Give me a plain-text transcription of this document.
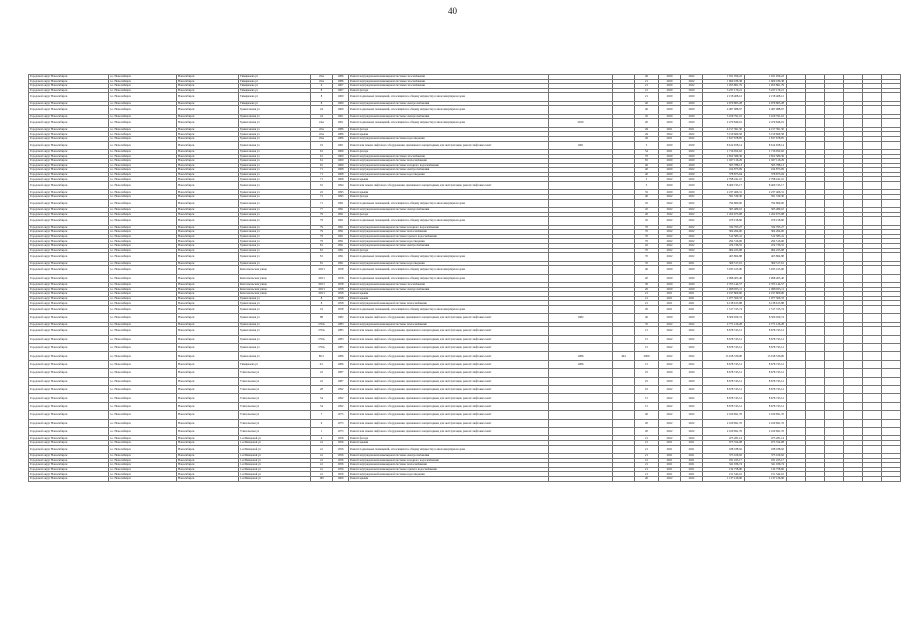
40
Городской округ Новосибирск	г.о. Новосибирск	Новосибирск	Тимирязева ул	45А	1986	Ремонт внутридомовой инженерной системы газоснабжения			40	2020	2022	1 811 056,22	1 811 056,22						
Городской округ Новосибирск	г.о. Новосибирск	Новосибирск	Тимирязева ул	45А	1986	Ремонт внутридомовой инженерной системы газоснабжения			21	2020	2022	1 660 186,38	1 660 186,38						
Городской округ Новосибирск	г.о. Новосибирск	Новосибирск	Тимирязева ул	6	1967	Ремонт внутридомовой инженерной системы газоснабжения			21	2020	2022	1 055 861,79	1 055 861,79						
Городской округ Новосибирск	г.о. Новосибирск	Новосибирск	Тимирязева ул	8	1967	Ремонт фасада			21	2020	2020	3 237 179,21	3 237 179,21						
Городской округ Новосибирск	г.о. Новосибирск	Новосибирск	Тимирязева ул	8	1960	Ремонт подвальных помещений, относящихся к общему имуществу в многоквартирном доме			21	2020	2020	2 158 408,12	2 158 408,12						
Городской округ Новосибирск	г.о. Новосибирск	Новосибирск	Тимирязева ул	8	1960	Ремонт внутридомовой инженерной системы электроснабжения			40	2020	2020	2 970 865,28	2 970 865,28						
Городской округ Новосибирск	г.о. Новосибирск	Новосибирск	Трикотажная ул	24	1960	Ремонт подвальных помещений, относящихся к общему имуществу в многоквартирном доме			40	2020	2020	2 487 988,97	2 487 988,97						
Городской округ Новосибирск	г.о. Новосибирск	Новосибирск	Трикотажная ул	24	1961	Ремонт внутридомовой инженерной системы электроснабжения			45	2020	2020	5 109 791,10	5 109 791,10						
Городской округ Новосибирск	г.о. Новосибирск	Новосибирск	Трикотажная ул	24А	1961	Ремонт подвальных помещений, относящихся к общему имуществу в многоквартирном доме	2020		20	2020	2020	2 470 846,91	2 470 846,91						
Городской округ Новосибирск	г.о. Новосибирск	Новосибирск	Трикотажная ул	45А	1986	Ремонт фасада			49	2021	2021	4 157 391,50	4 157 391,50						
Городской округ Новосибирск	г.о. Новосибирск	Новосибирск	Трикотажная ул	45А	1986	Ремонт крыши			49	2022	2022	3 159 669,58	3 159 669,58						
Городской округ Новосибирск	г.о. Новосибирск	Новосибирск	Трикотажная ул	45А	1986	Ремонт внутридомовой инженерной системы водоотведения			49	2021	2022	1 817 678,85	1 817 678,85						
Городской округ Новосибирск	г.о. Новосибирск	Новосибирск	Трикотажная ул	19	1961	Ремонт или замена лифтового оборудования, признанного непригодным для эксплуатации, ремонт лифтовых шахт	1961		5	2020	2020	8 614 658,14	8 614 658,14						
Городской округ Новосибирск	г.о. Новосибирск	Новосибирск	Трикотажная ул	61	1969	Ремонт фасада			54	2021	2022	1 716 952,62	1 716 952,62						
Городской округ Новосибирск	г.о. Новосибирск	Новосибирск	Трикотажная ул	61	1969	Ремонт внутридомовой инженерной системы газоснабжения			70	2020	2020	2 652 580,36	2 652 580,36						
Городской округ Новосибирск	г.о. Новосибирск	Новосибирск	Трикотажная ул	61	1969	Ремонт внутридомовой инженерной системы теплоснабжения			65	2020	2020	1 027 116,29	1 027 116,29						
Городской округ Новосибирск	г.о. Новосибирск	Новосибирск	Трикотажная ул	61	1969	Ремонт внутридомовой инженерной системы холодного водоснабжения			40	2020	2020	505 788,13	505 788,13						
Городской округ Новосибирск	г.о. Новосибирск	Новосибирск	Трикотажная ул	71	1968	Ремонт внутридомовой инженерной системы электроснабжения			40	2020	2022	164 873,09	164 873,09						
Городской округ Новосибирск	г.о. Новосибирск	Новосибирск	Трикотажная ул	71	1968	Ремонт внутридомовой инженерной системы водоотведения			40	2020	2020	378 873,04	378 873,04						
Городской округ Новосибирск	г.о. Новосибирск	Новосибирск	Трикотажная ул	71	1968	Ремонт крыши			5	2022	2022	2 798 241,10	2 798 241,10						
Городской округ Новосибирск	г.о. Новосибирск	Новосибирск	Трикотажная ул	91	1994	Ремонт или замена лифтового оборудования, признанного непригодным для эксплуатации, ремонт лифтовых шахт			5	2020	2020	8 409 745,17	8 409 745,17						
Городской округ Новосибирск	г.о. Новосибирск	Новосибирск	Трикотажная ул	22	1995	Ремонт крыши			35	2020	2020	2 237 466,31	2 237 466,31						
Городской округ Новосибирск	г.о. Новосибирск	Новосибирск	Трикотажная ул	71	1995	Ремонт фасада			40	2022	2022	591 530,30	591 530,30						
Городской округ Новосибирск	г.о. Новосибирск	Новосибирск	Трикотажная ул	71	1991	Ремонт подвальных помещений, относящихся к общему имуществу в многоквартирном доме			45	2022	2022	794 860,00	794 860,00						
Городской округ Новосибирск	г.о. Новосибирск	Новосибирск	Трикотажная ул	77	1991	Ремонт внутридомовой инженерной системы электроснабжения			45	2022	2022	365 480,10	365 480,10						
Городской округ Новосибирск	г.о. Новосибирск	Новосибирск	Трикотажная ул	79	1991	Ремонт фасада			40	2022	2022	1 452 675,08	1 452 675,08						
Городской округ Новосибирск	г.о. Новосибирск	Новосибирск	Трикотажная ул	79	1991	Ремонт подвальных помещений, относящихся к общему имуществу в многоквартирном доме			45	2022	2022	470 158,60	470 158,60						
Городской округ Новосибирск	г.о. Новосибирск	Новосибирск	Трикотажная ул	79	1991	Ремонт внутридомовой инженерной системы холодного водоснабжения			70	2022	2022	332 765,27	332 765,27						
Городской округ Новосибирск	г.о. Новосибирск	Новосибирск	Трикотажная ул	79	1991	Ремонт внутридомовой инженерной системы теплоснабжения			70	2022	2022	304 264,00	304 264,00						
Городской округ Новосибирск	г.о. Новосибирск	Новосибирск	Трикотажная ул	79	1991	Ремонт внутридомовой инженерной системы горячего водоснабжения			70	2022	2022	512 585,41	512 585,41						
Городской округ Новосибирск	г.о. Новосибирск	Новосибирск	Трикотажная ул	79	1991	Ремонт внутридомовой инженерной системы водоотведения			70	2022	2022	294 516,06	294 516,06						
Городской округ Новосибирск	г.о. Новосибирск	Новосибирск	Трикотажная ул	81	1991	Ремонт внутридомовой инженерной системы электроснабжения			45	2022	2022	474 736,55	474 736,55						
Городской округ Новосибирск	г.о. Новосибирск	Новосибирск	Трикотажная ул	81	1991	Ремонт фасада			70	2022	2022	964 225,08	964 225,08						
Городской округ Новосибирск	г.о. Новосибирск	Новосибирск	Трикотажная ул	81	1991	Ремонт подвальных помещений, относящихся к общему имуществу в многоквартирном доме			70	2022	2022	465 864,88	465 864,88						
Городской округ Новосибирск	г.о. Новосибирск	Новосибирск	Трикотажная ул	81	1991	Ремонт внутридомовой инженерной системы водоотведения			35	2021	2021	360 517,61	360 517,61						
Городской округ Новосибирск	г.о. Новосибирск	Новосибирск	Комсомольская улица	100/1	1958	Ремонт подвальных помещений, относящихся к общему имуществу в многоквартирном доме			40	2020	2020	3 933 415,00	3 933 415,00						
Городской округ Новосибирск	г.о. Новосибирск	Новосибирск	Комсомольская улица	100/1	1958	Ремонт подвальных помещений, относящихся к общему имуществу в многоквартирном доме			20	2020	2020	2 998 405,40	2 998 405,40						
Городской округ Новосибирск	г.о. Новосибирск	Новосибирск	Комсомольская улица	100/1	1958	Ремонт внутридомовой инженерной системы газоснабжения			30	2020	2020	2 705 144,57	2 705 144,57						
Городской округ Новосибирск	г.о. Новосибирск	Новосибирск	Комсомольская улица	100/1	1958	Ремонт внутридомовой инженерной системы электроснабжения			20	2020	2020	1 068 055,11	1 068 055,11						
Городской округ Новосибирск	г.о. Новосибирск	Новосибирск	Комсомольская улица	100/1	1958	Ремонт крыши			21	2021	2021	2 197 800,00	2 197 800,00						
Городской округ Новосибирск	г.о. Новосибирск	Новосибирск	Трикотажная ул	8	1958	Ремонт крыши			21	2021	2021	1 077 500,33	1 077 500,33						
Городской округ Новосибирск	г.о. Новосибирск	Новосибирск	Трикотажная ул	8	1958	Ремонт внутридомовой инженерной системы теплоснабжения			21	2021	2021	6 138 615,88	6 138 615,88						
Городской округ Новосибирск	г.о. Новосибирск	Новосибирск	Трикотажная ул	19	1958	Ремонт подвальных помещений, относящихся к общему имуществу в многоквартирном доме			20	2021	2021	1 517 725,74	1 517 725,74						
Городской округ Новосибирск	г.о. Новосибирск	Новосибирск	Трикотажная ул	88	1982	Ремонт или замена лифтового оборудования, признанного непригодным для эксплуатации, ремонт лифтовых шахт	1982		40	2020	2020	8 509 020,74	8 509 020,74						
Городской округ Новосибирск	г.о. Новосибирск	Новосибирск	Трикотажная ул	270А	1983	Ремонт внутридомовой инженерной системы теплоснабжения			35	2022	2022	2 771 126,28	2 771 126,28						
Городской округ Новосибирск	г.о. Новосибирск	Новосибирск	Трикотажная ул	270А	1985	Ремонт или замена лифтового оборудования, признанного непригодным для эксплуатации, ремонт лифтовых шахт			15	2022	2022	8 678 745,12	8 678 745,12						
Городской округ Новосибирск	г.о. Новосибирск	Новосибирск	Трикотажная ул	270А	1983	Ремонт или замена лифтового оборудования, признанного непригодным для эксплуатации, ремонт лифтовых шахт			15	2022	2022	8 678 745,12	8 678 745,12						
Городской округ Новосибирск	г.о. Новосибирск	Новосибирск	Трикотажная ул	270А	1985	Ремонт или замена лифтового оборудования, признанного непригодным для эксплуатации, ремонт лифтовых шахт			15	2022	2022	8 678 745,12	8 678 745,12						
Городской округ Новосибирск	г.о. Новосибирск	Новосибирск	Трикотажная ул	80/1	1986	Ремонт или замена лифтового оборудования, признанного непригодным для эксплуатации, ремонт лифтовых шахт	1986	404	2009	2022	2022	13 018 536,00	13 018 536,00						
Городской округ Новосибирск	г.о. Новосибирск	Новосибирск	Тимирязева ул	4/1	1986	Ремонт или замена лифтового оборудования, признанного непригодным для эксплуатации, ремонт лифтовых шахт	1986		15	2022	2022	8 678 745,12	8 678 745,12						
Городской округ Новосибирск	г.о. Новосибирск	Новосибирск	Учительская ул	22	1987	Ремонт или замена лифтового оборудования, признанного непригодным для эксплуатации, ремонт лифтовых шахт			25	2020	2020	8 678 745,12	8 678 745,12						
Городской округ Новосибирск	г.о. Новосибирск	Новосибирск	Учительская ул	22	1987	Ремонт или замена лифтового оборудования, признанного непригодным для эксплуатации, ремонт лифтовых шахт			25	2020	2020	8 678 745,12	8 678 745,12						
Городской округ Новосибирск	г.о. Новосибирск	Новосибирск	Учительская ул	28	1992	Ремонт или замена лифтового оборудования, признанного непригодным для эксплуатации, ремонт лифтовых шахт			16	2022	2022	8 678 745,12	8 678 745,12						
Городской округ Новосибирск	г.о. Новосибирск	Новосибирск	Учительская ул	54	1992	Ремонт или замена лифтового оборудования, признанного непригодным для эксплуатации, ремонт лифтовых шахт			15	2022	2022	8 678 745,12	8 678 745,12						
Городской округ Новосибирск	г.о. Новосибирск	Новосибирск	Учительская ул	54	1992	Ремонт или замена лифтового оборудования, признанного непригодным для эксплуатации, ремонт лифтовых шахт			15	2022	2022	8 678 745,12	8 678 745,12						
Городской округ Новосибирск	г.о. Новосибирск	Новосибирск	Учительская ул	7	1975	Ремонт или замена лифтового оборудования, признанного непригодным для эксплуатации, ремонт лифтовых шахт			40	2022	2022	2 169 691,76	2 169 691,76						
Городской округ Новосибирск	г.о. Новосибирск	Новосибирск	Учительская ул	9	1975	Ремонт или замена лифтового оборудования, признанного непригодным для эксплуатации, ремонт лифтовых шахт			20	2022	2022	2 169 691,76	2 169 691,76						
Городской округ Новосибирск	г.о. Новосибирск	Новосибирск	Учительская ул	1	1975	Ремонт или замена лифтового оборудования, признанного непригодным для эксплуатации, ремонт лифтовых шахт			20	2022	2022	2 169 691,76	2 169 691,76						
Городской округ Новосибирск	г.о. Новосибирск	Новосибирск	1-я Шевцовой ул	4	1956	Ремонт фасада			21	2022	2022	473 281,14	473 281,14						
Городской округ Новосибирск	г.о. Новосибирск	Новосибирск	1-я Шевцовой ул	41	1956	Ремонт крыши			21	2021	2021	975 554,08	975 554,08						
Городской округ Новосибирск	г.о. Новосибирск	Новосибирск	1-я Шевцовой ул	41	1956	Ремонт подвальных помещений, относящихся к общему имуществу в многоквартирном доме			21	2021	2021	188 188,92	188 188,92						
Городской округ Новосибирск	г.о. Новосибирск	Новосибирск	1-я Шевцовой ул	41	1956	Ремонт внутридомовой инженерной системы электроснабжения			21	2021	2021	375 109,92	375 109,92						
Городской округ Новосибирск	г.о. Новосибирск	Новосибирск	1-я Шевцовой ул	41	1956	Ремонт внутридомовой инженерной системы холодного водоснабжения			21	2021	2021	181 225,17	181 225,17						
Городской округ Новосибирск	г.о. Новосибирск	Новосибирск	1-я Шевцовой ул	41	1956	Ремонт внутридомовой инженерной системы теплоснабжения			21	2021	2021	341 036,74	341 036,74						
Городской округ Новосибирск	г.о. Новосибирск	Новосибирск	1-я Шевцовой ул	41	1956	Ремонт внутридомовой инженерной системы горячего водоснабжения			21	2021	2021	134 758,00	134 758,00						
Городской округ Новосибирск	г.о. Новосибирск	Новосибирск	1-я Шевцовой ул	41	1956	Ремонт внутридомовой инженерной системы водоотведения			21	2021	2021	151 542,10	151 542,10						
Городской округ Новосибирск	г.о. Новосибирск	Новосибирск	1-я Шевцовой ул	109	1969	Ремонт крыши			40	2022	2022	1 137 126,90	1 137 126,90						
